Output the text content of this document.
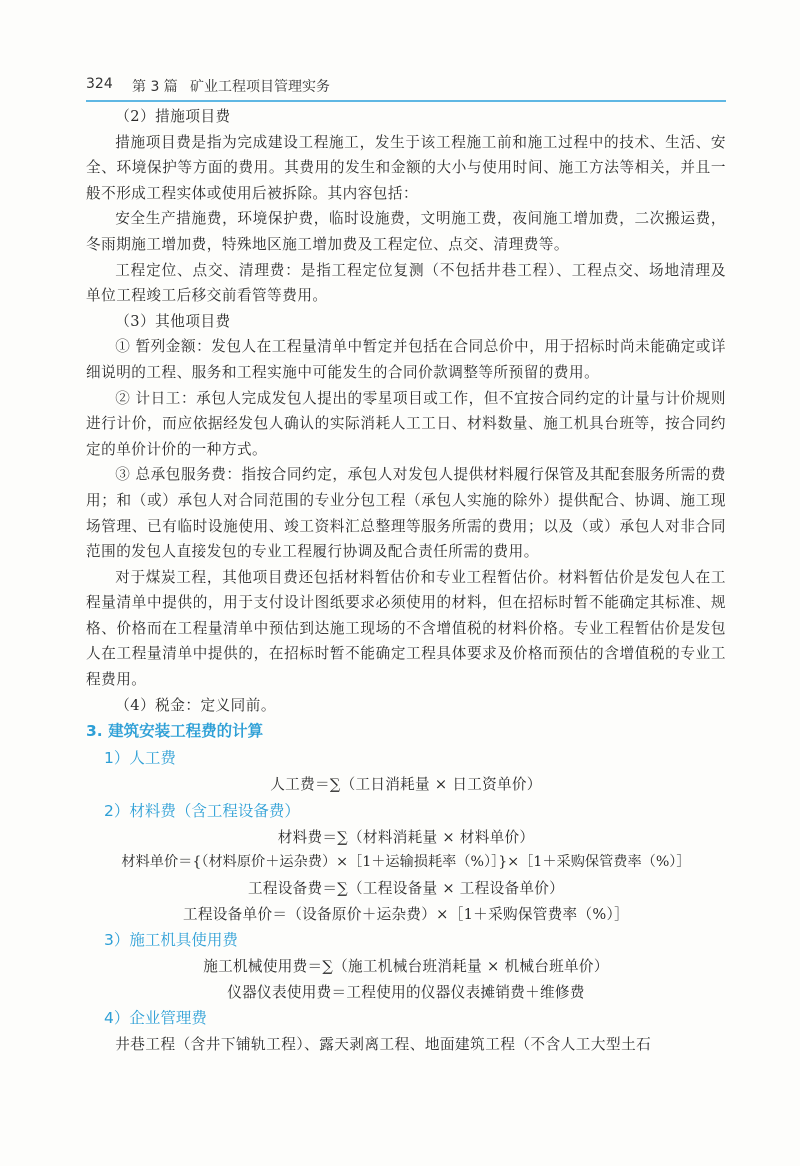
324 第 3 篇 矿业工程项目管理实务

（2）措施项目费

措施项目费是指为完成建设工程施工，发生于该工程施工前和施工过程中的技术、生活、安全、环境保护等方面的费用。其费用的发生和金额的大小与使用时间、施工方法等相关，并且一般不形成工程实体或使用后被拆除。其内容包括：

安全生产措施费，环境保护费，临时设施费，文明施工费，夜间施工增加费，二次搬运费，冬雨期施工增加费，特殊地区施工增加费及工程定位、点交、清理费等。

工程定位、点交、清理费：是指工程定位复测（不包括井巷工程）、工程点交、场地清理及单位工程竣工后移交前看管等费用。

（3）其他项目费

① 暂列金额：发包人在工程量清单中暂定并包括在合同总价中，用于招标时尚未能确定或详细说明的工程、服务和工程实施中可能发生的合同价款调整等所预留的费用。

② 计日工：承包人完成发包人提出的零星项目或工作，但不宜按合同约定的计量与计价规则进行计价，而应依据经发包人确认的实际消耗人工工日、材料数量、施工机具台班等，按合同约定的单价计价的一种方式。

③ 总承包服务费：指按合同约定，承包人对发包人提供材料履行保管及其配套服务所需的费用；和（或）承包人对合同范围的专业分包工程（承包人实施的除外）提供配合、协调、施工现场管理、已有临时设施使用、竣工资料汇总整理等服务所需的费用；以及（或）承包人对非合同范围的发包人直接发包的专业工程履行协调及配合责任所需的费用。

对于煤炭工程，其他项目费还包括材料暂估价和专业工程暂估价。材料暂估价是发包人在工程量清单中提供的，用于支付设计图纸要求必须使用的材料，但在招标时暂不能确定其标准、规格、价格而在工程量清单中预估到达施工现场的不含增值税的材料价格。专业工程暂估价是发包人在工程量清单中提供的，在招标时暂不能确定工程具体要求及价格而预估的含增值税的专业工程费用。

（4）税金：定义同前。

3. 建筑安装工程费的计算

1）人工费

人工费＝∑（工日消耗量 × 日工资单价）

2）材料费（含工程设备费）

材料费＝∑（材料消耗量 × 材料单价）

材料单价＝{（材料原价＋运杂费）×［1＋运输损耗率（%）］}×［1＋采购保管费率（%）］

工程设备费＝∑（工程设备量 × 工程设备单价）

工程设备单价＝（设备原价＋运杂费）×［1＋采购保管费率（%）］

3）施工机具使用费

施工机械使用费＝∑（施工机械台班消耗量 × 机械台班单价）

仪器仪表使用费＝工程使用的仪器仪表摊销费＋维修费

4）企业管理费

井巷工程（含井下铺轨工程）、露天剥离工程、地面建筑工程（不含人工大型土石
